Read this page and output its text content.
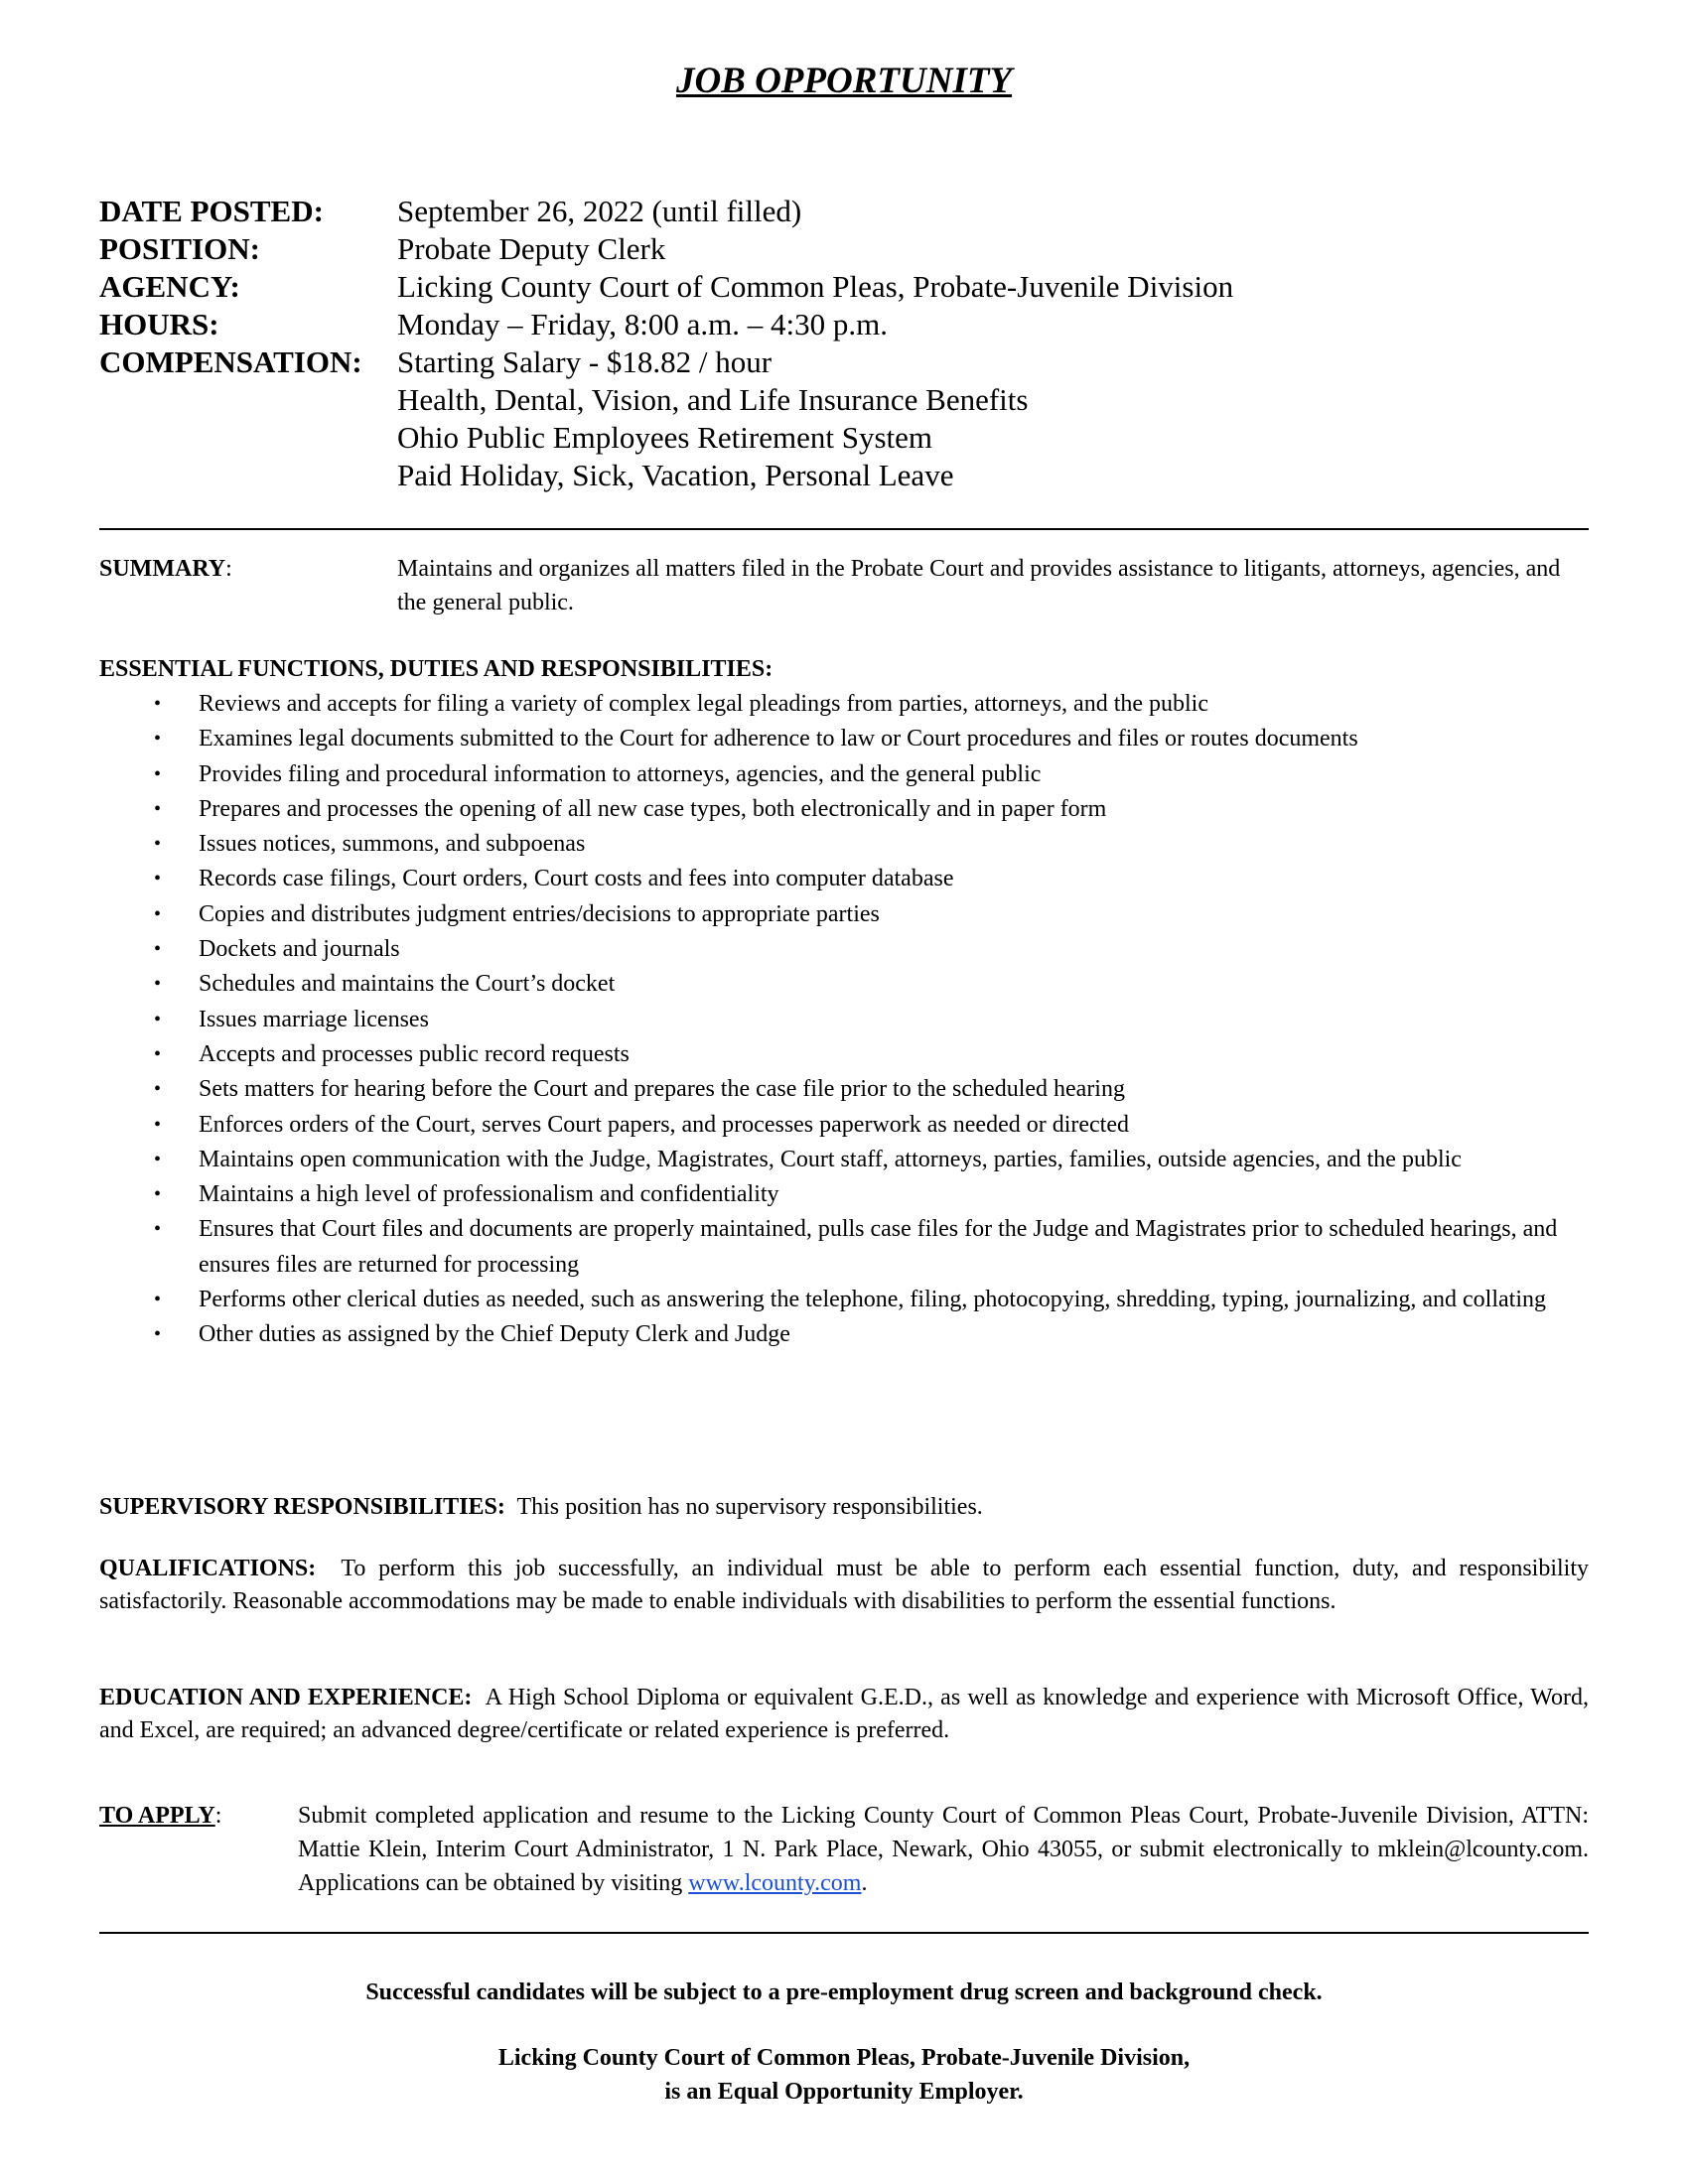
JOB OPPORTUNITY
DATE POSTED:	September 26, 2022 (until filled)
POSITION:	Probate Deputy Clerk
AGENCY:	Licking County Court of Common Pleas, Probate-Juvenile Division
HOURS:	Monday – Friday, 8:00 a.m. – 4:30 p.m.
COMPENSATION:	Starting Salary - $18.82 / hour
Health, Dental, Vision, and Life Insurance Benefits
Ohio Public Employees Retirement System
Paid Holiday, Sick, Vacation, Personal Leave
SUMMARY:	Maintains and organizes all matters filed in the Probate Court and provides assistance to litigants, attorneys, agencies, and the general public.
ESSENTIAL FUNCTIONS, DUTIES AND RESPONSIBILITIES:
• Reviews and accepts for filing a variety of complex legal pleadings from parties, attorneys, and the public
• Examines legal documents submitted to the Court for adherence to law or Court procedures and files or routes documents
• Provides filing and procedural information to attorneys, agencies, and the general public
• Prepares and processes the opening of all new case types, both electronically and in paper form
• Issues notices, summons, and subpoenas
• Records case filings, Court orders, Court costs and fees into computer database
• Copies and distributes judgment entries/decisions to appropriate parties
• Dockets and journals
• Schedules and maintains the Court’s docket
• Issues marriage licenses
• Accepts and processes public record requests
• Sets matters for hearing before the Court and prepares the case file prior to the scheduled hearing
• Enforces orders of the Court, serves Court papers, and processes paperwork as needed or directed
• Maintains open communication with the Judge, Magistrates, Court staff, attorneys, parties, families, outside agencies, and the public
• Maintains a high level of professionalism and confidentiality
• Ensures that Court files and documents are properly maintained, pulls case files for the Judge and Magistrates prior to scheduled hearings, and ensures files are returned for processing
• Performs other clerical duties as needed, such as answering the telephone, filing, photocopying, shredding, typing, journalizing, and collating
• Other duties as assigned by the Chief Deputy Clerk and Judge
SUPERVISORY RESPONSIBILITIES: This position has no supervisory responsibilities.
QUALIFICATIONS: To perform this job successfully, an individual must be able to perform each essential function, duty, and responsibility satisfactorily. Reasonable accommodations may be made to enable individuals with disabilities to perform the essential functions.
EDUCATION AND EXPERIENCE: A High School Diploma or equivalent G.E.D., as well as knowledge and experience with Microsoft Office, Word, and Excel, are required; an advanced degree/certificate or related experience is preferred.
TO APPLY:	Submit completed application and resume to the Licking County Court of Common Pleas Court, Probate-Juvenile Division, ATTN: Mattie Klein, Interim Court Administrator, 1 N. Park Place, Newark, Ohio 43055, or submit electronically to mklein@lcounty.com. Applications can be obtained by visiting www.lcounty.com.
Successful candidates will be subject to a pre-employment drug screen and background check.
Licking County Court of Common Pleas, Probate-Juvenile Division,
is an Equal Opportunity Employer.
